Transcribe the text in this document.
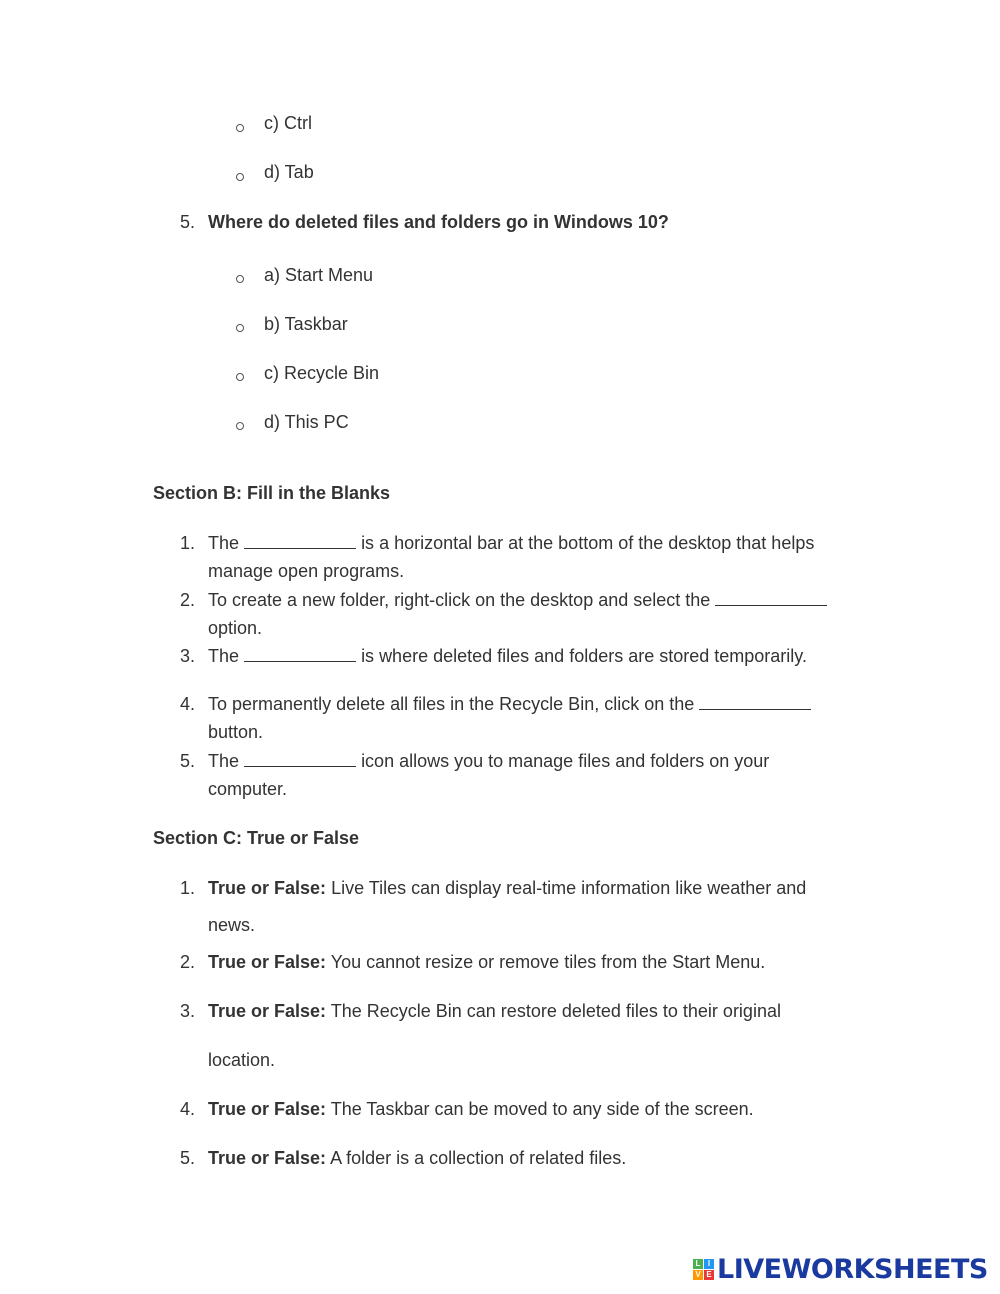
c) Ctrl
d) Tab
5. Where do deleted files and folders go in Windows 10?
a) Start Menu
b) Taskbar
c) Recycle Bin
d) This PC
Section B: Fill in the Blanks
1. The	is a horizontal bar at the bottom of the desktop that helps
manage open programs.
2. To create a new folder, right-click on the desktop and select the
option.
3. The	is where deleted files and folders are stored temporarily.
4. To permanently delete all files in the Recycle Bin, click on the
button.
5. The	icon allows you to manage files and folders on your
computer.
Section C: True or False
1. True or False: Live Tiles can display real-time information like weather and
news.
2. True or False: You cannot resize or remove tiles from the Start Menu.
3. True or False: The Recycle Bin can restore deleted files to their original
location.
4. True or False: The Taskbar can be moved to any side of the screen.
5. True or False: A folder is a collection of related files.
L I
V E LIVEWORKSHEETS
